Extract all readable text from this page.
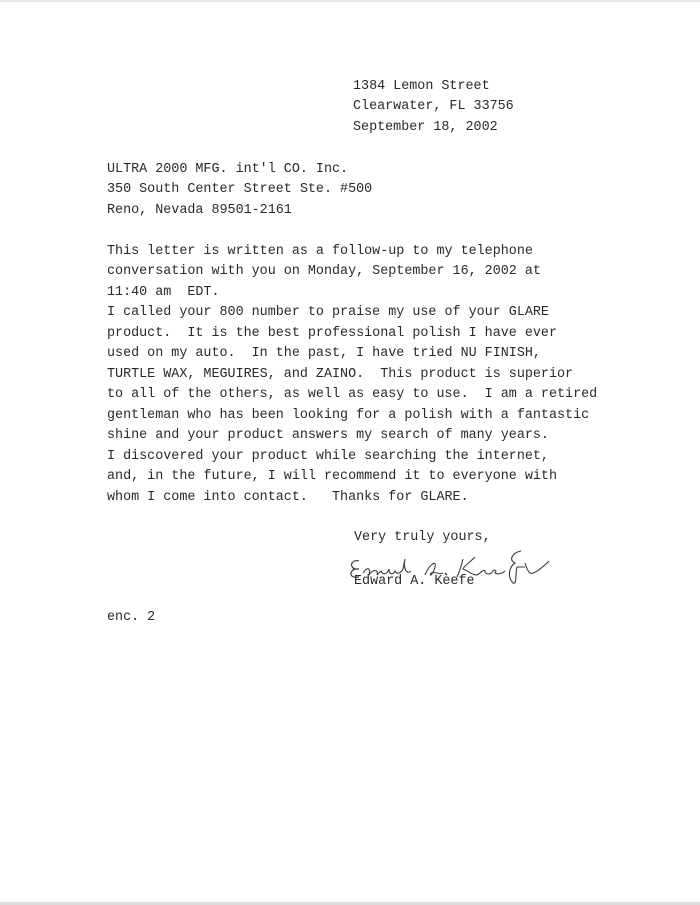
1384 Lemon Street
Clearwater, FL 33756
September 18, 2002
ULTRA 2000 MFG. int'l CO. Inc.
350 South Center Street Ste. #500
Reno, Nevada 89501-2161
This letter is written as a follow-up to my telephone
conversation with you on Monday, September 16, 2002 at
11:40 am  EDT.
I called your 800 number to praise my use of your GLARE
product.  It is the best professional polish I have ever
used on my auto.  In the past, I have tried NU FINISH,
TURTLE WAX, MEGUIRES, and ZAINO.  This product is superior
to all of the others, as well as easy to use.  I am a retired
gentleman who has been looking for a polish with a fantastic
shine and your product answers my search of many years.
I discovered your product while searching the internet,
and, in the future, I will recommend it to everyone with
whom I come into contact.   Thanks for GLARE.
Very truly yours,
Edward A. Keefe
enc. 2
